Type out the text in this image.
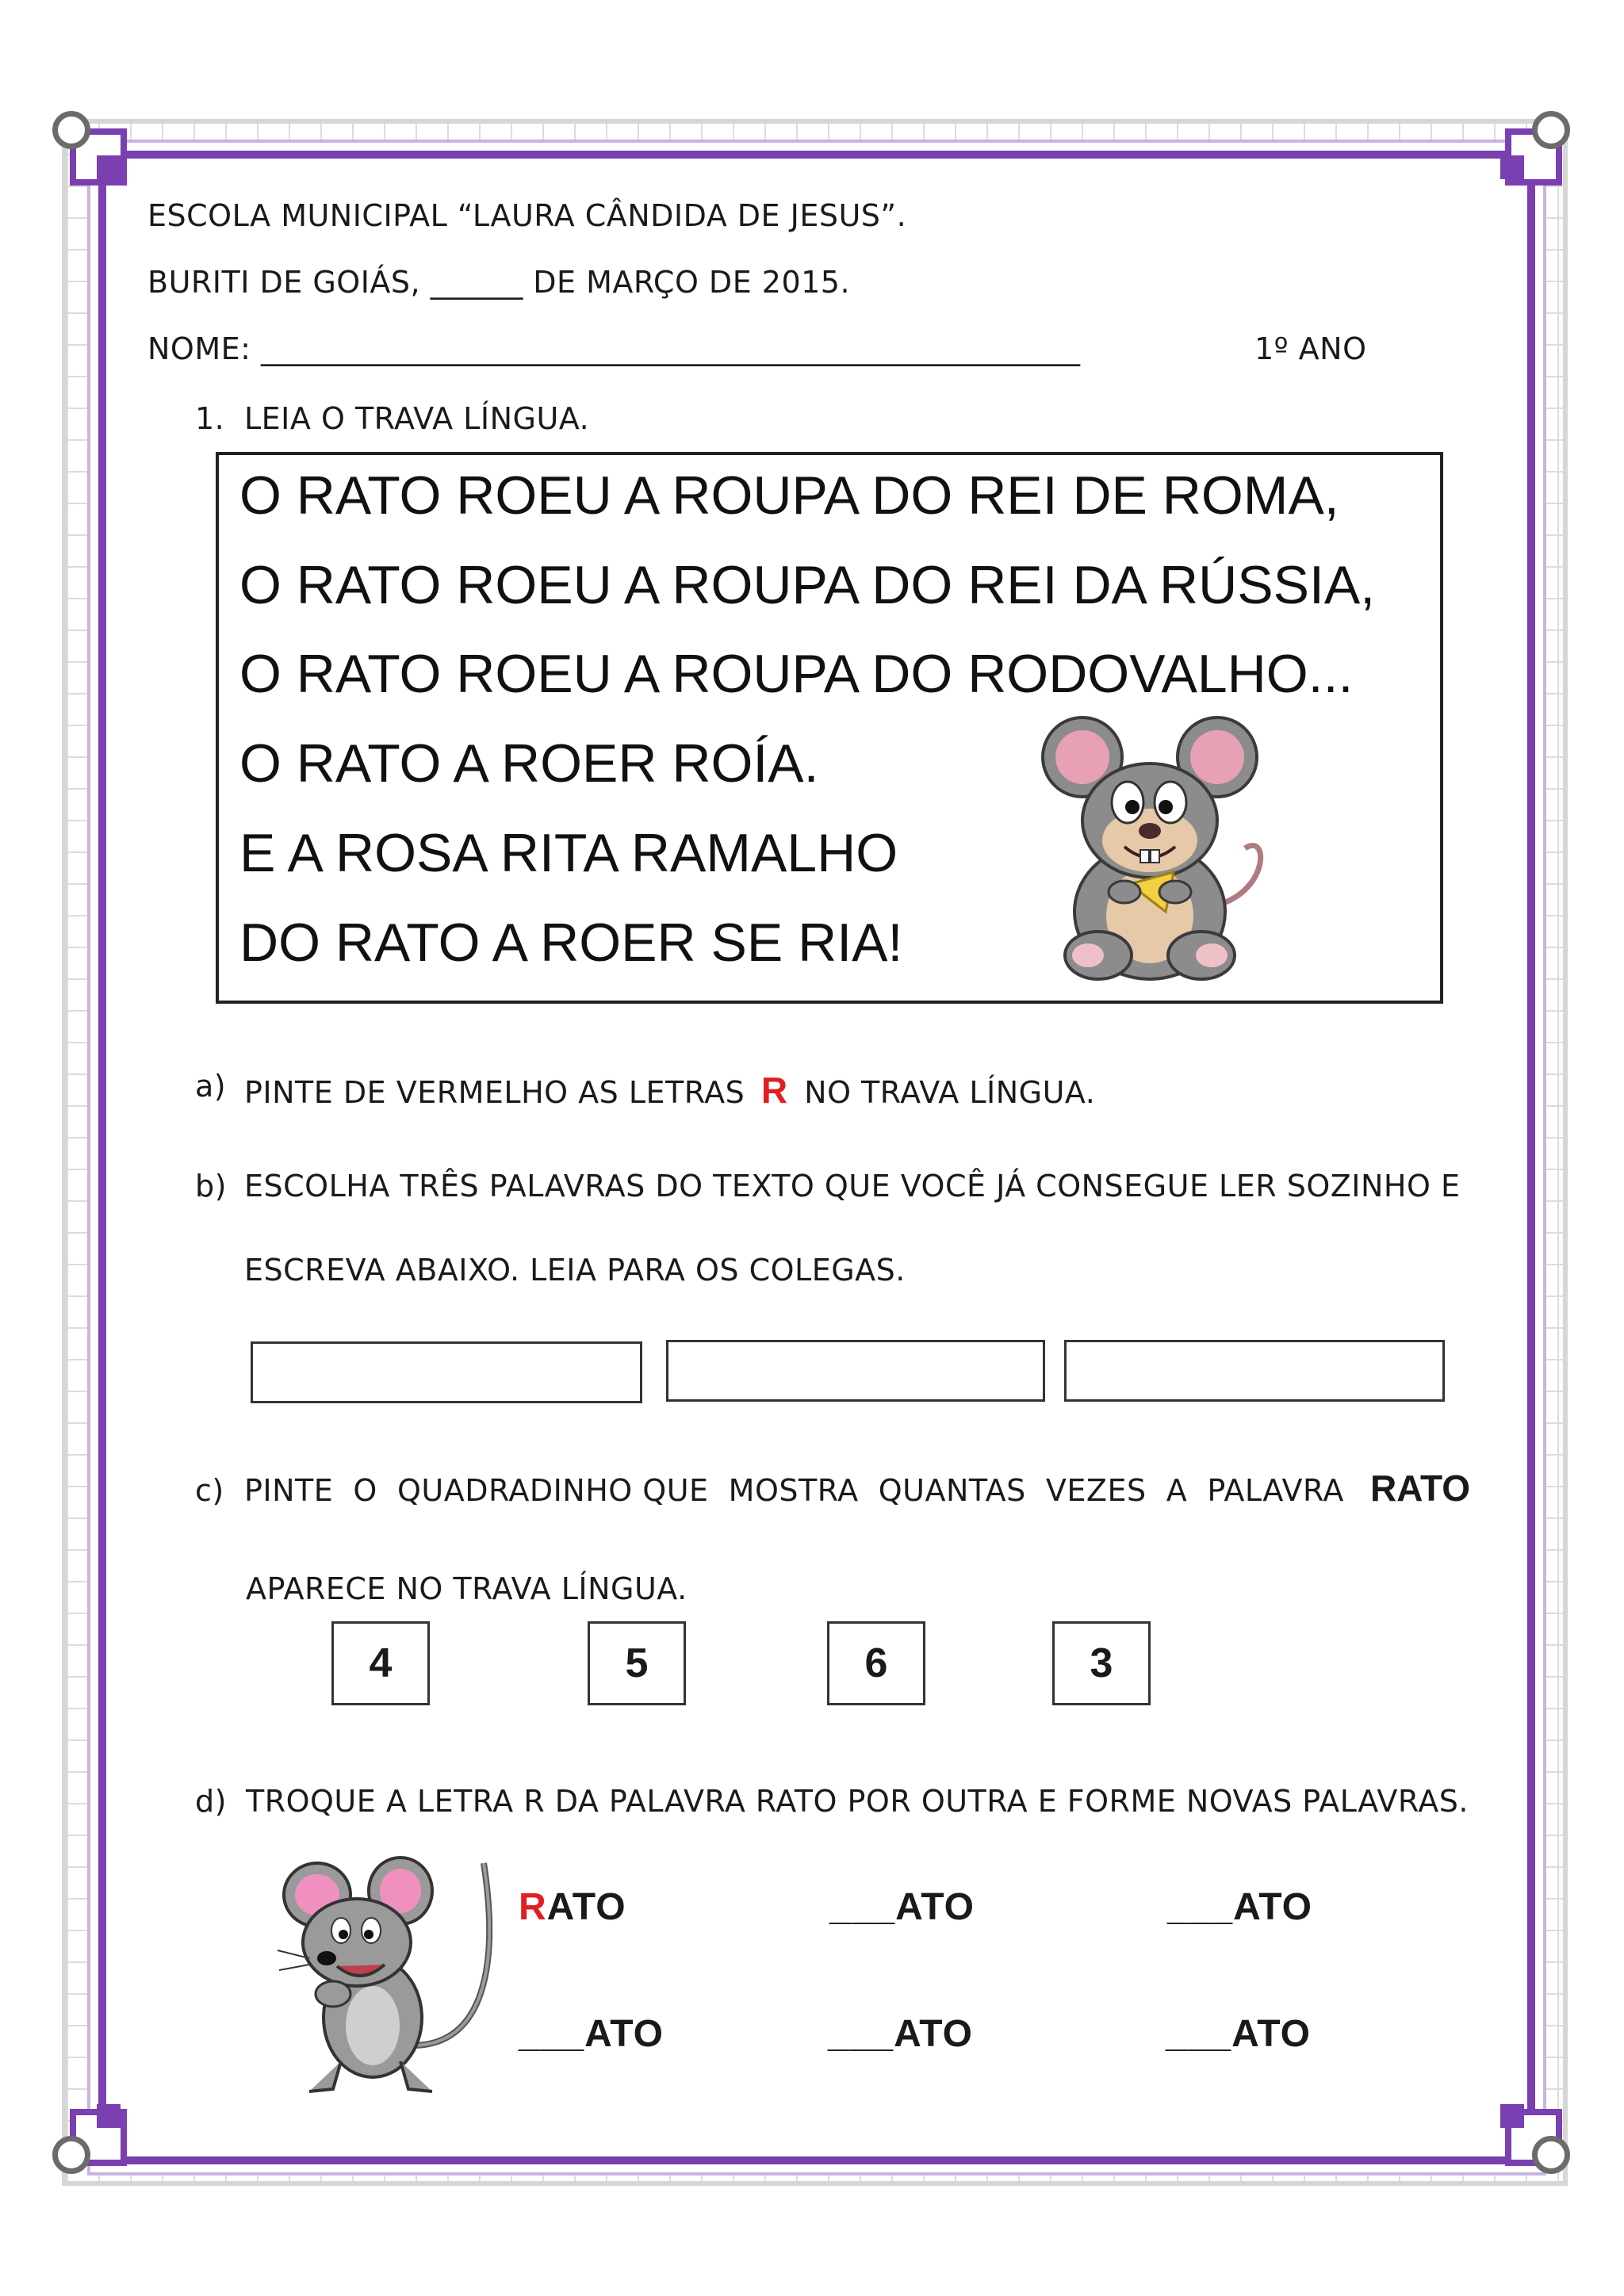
ESCOLA MUNICIPAL “LAURA CÂNDIDA DE JESUS”.
BURITI DE GOIÁS, ______ DE MARÇO DE 2015.
NOME: _____________________________________________________	1º ANO
1. LEIA O TRAVA LÍNGUA.
O RATO ROEU A ROUPA DO REI DE ROMA,
O RATO ROEU A ROUPA DO REI DA RÚSSIA,
O RATO ROEU A ROUPA DO RODOVALHO...
O RATO A ROER ROÍA.
E A ROSA RITA RAMALHO
DO RATO A ROER SE RIA!
a) PINTE DE VERMELHO AS LETRAS R NO TRAVA LÍNGUA.
b) ESCOLHA TRÊS PALAVRAS DO TEXTO QUE VOCÊ JÁ CONSEGUE LER SOZINHO E
ESCREVA ABAIXO. LEIA PARA OS COLEGAS.
c) PINTE  O  QUADRADINHO QUE  MOSTRA  QUANTAS  VEZES  A  PALAVRA RATO
APARECE NO TRAVA LÍNGUA.
4	5	6	3
d) TROQUE A LETRA R DA PALAVRA RATO POR OUTRA E FORME NOVAS PALAVRAS.
RATO	___ATO	___ATO
___ATO	___ATO	___ATO
